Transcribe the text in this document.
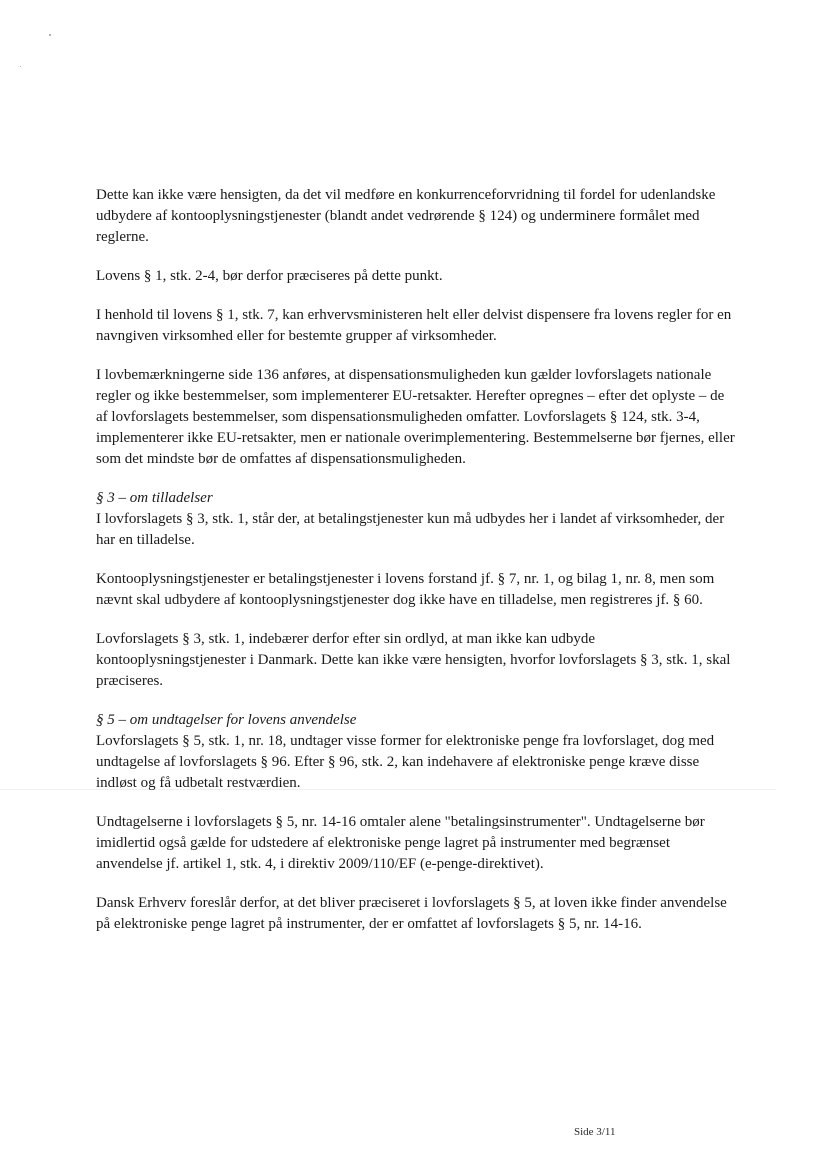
Dette kan ikke være hensigten, da det vil medføre en konkurrenceforvridning til fordel for udenlandske udbydere af kontooplysningstjenester (blandt andet vedrørende § 124) og underminere formålet med reglerne.

Lovens § 1, stk. 2-4, bør derfor præciseres på dette punkt.

I henhold til lovens § 1, stk. 7, kan erhvervsministeren helt eller delvist dispensere fra lovens regler for en navngiven virksomhed eller for bestemte grupper af virksomheder.

I lovbemærkningerne side 136 anføres, at dispensationsmuligheden kun gælder lovforslagets nationale regler og ikke bestemmelser, som implementerer EU-retsakter. Herefter opregnes – efter det oplyste – de af lovforslagets bestemmelser, som dispensationsmuligheden omfatter. Lovforslagets § 124, stk. 3-4, implementerer ikke EU-retsakter, men er nationale overimplementering. Bestemmelserne bør fjernes, eller som det mindste bør de omfattes af dispensationsmuligheden.

§ 3 – om tilladelser

I lovforslagets § 3, stk. 1, står der, at betalingstjenester kun må udbydes her i landet af virksomheder, der har en tilladelse.

Kontooplysningstjenester er betalingstjenester i lovens forstand jf. § 7, nr. 1, og bilag 1, nr. 8, men som nævnt skal udbydere af kontooplysningstjenester dog ikke have en tilladelse, men registreres jf. § 60.

Lovforslagets § 3, stk. 1, indebærer derfor efter sin ordlyd, at man ikke kan udbyde kontooplysningstjenester i Danmark. Dette kan ikke være hensigten, hvorfor lovforslagets § 3, stk. 1, skal præciseres.

§ 5 – om undtagelser for lovens anvendelse

Lovforslagets § 5, stk. 1, nr. 18, undtager visse former for elektroniske penge fra lovforslaget, dog med undtagelse af lovforslagets § 96. Efter § 96, stk. 2, kan indehavere af elektroniske penge kræve disse indløst og få udbetalt restværdien.

Undtagelserne i lovforslagets § 5, nr. 14-16 omtaler alene "betalingsinstrumenter". Undtagelserne bør imidlertid også gælde for udstedere af elektroniske penge lagret på instrumenter med begrænset anvendelse jf. artikel 1, stk. 4, i direktiv 2009/110/EF (e-penge-direktivet).

Dansk Erhverv foreslår derfor, at det bliver præciseret i lovforslagets § 5, at loven ikke finder anvendelse på elektroniske penge lagret på instrumenter, der er omfattet af lovforslagets § 5, nr. 14-16.

Side 3/11
